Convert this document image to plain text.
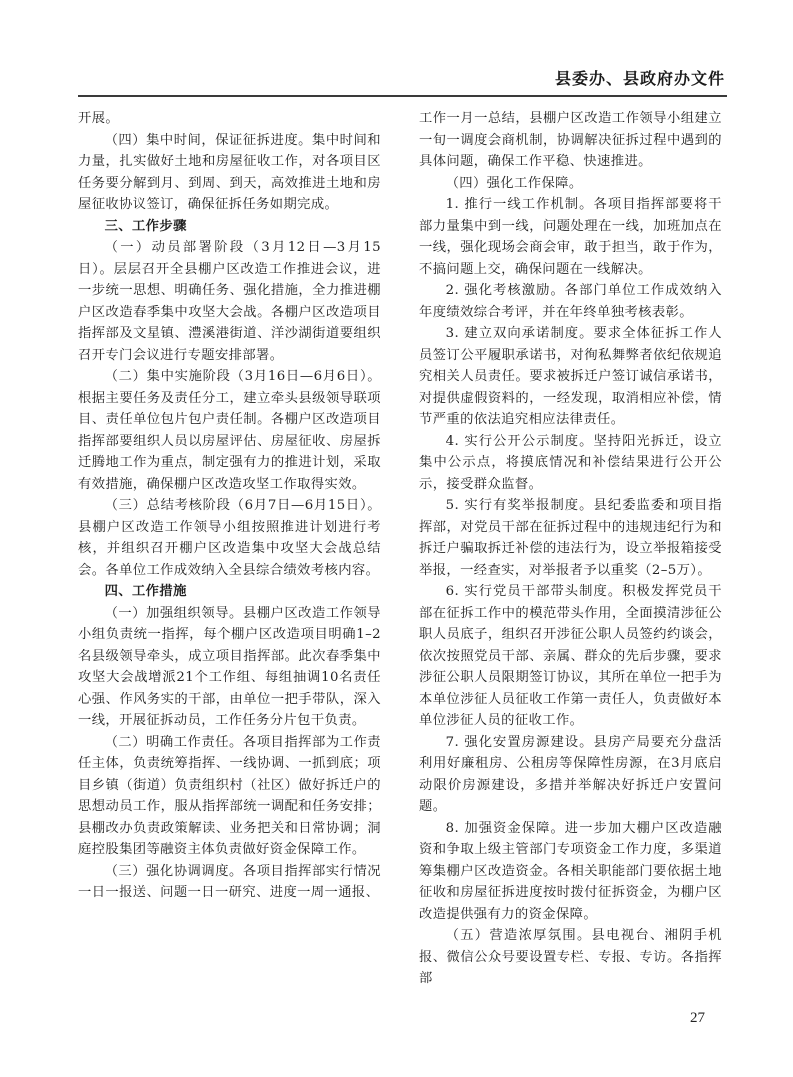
县委办、县政府办文件

开展。

（四）集中时间，保证征拆进度。集中时间和力量，扎实做好土地和房屋征收工作，对各项目区任务要分解到月、到周、到天，高效推进土地和房屋征收协议签订，确保征拆任务如期完成。

三、工作步骤

（一）动员部署阶段（3月12日—3月15日）。层层召开全县棚户区改造工作推进会议，进一步统一思想、明确任务、强化措施，全力推进棚户区改造春季集中攻坚大会战。各棚户区改造项目指挥部及文星镇、澧溪港街道、洋沙湖街道要组织召开专门会议进行专题安排部署。

（二）集中实施阶段（3月16日—6月6日）。根据主要任务及责任分工，建立牵头县级领导联项目、责任单位包片包户责任制。各棚户区改造项目指挥部要组织人员以房屋评估、房屋征收、房屋拆迁腾地工作为重点，制定强有力的推进计划，采取有效措施，确保棚户区改造攻坚工作取得实效。

（三）总结考核阶段（6月7日—6月15日）。县棚户区改造工作领导小组按照推进计划进行考核，并组织召开棚户区改造集中攻坚大会战总结会。各单位工作成效纳入全县综合绩效考核内容。

四、工作措施

（一）加强组织领导。县棚户区改造工作领导小组负责统一指挥，每个棚户区改造项目明确1–2名县级领导牵头，成立项目指挥部。此次春季集中攻坚大会战增派21个工作组、每组抽调10名责任心强、作风务实的干部，由单位一把手带队，深入一线，开展征拆动员，工作任务分片包干负责。

（二）明确工作责任。各项目指挥部为工作责任主体，负责统筹指挥、一线协调、一抓到底；项目乡镇（街道）负责组织村（社区）做好拆迁户的思想动员工作，服从指挥部统一调配和任务安排；县棚改办负责政策解读、业务把关和日常协调；洞庭控股集团等融资主体负责做好资金保障工作。

（三）强化协调调度。各项目指挥部实行情况一日一报送、问题一日一研究、进度一周一通报、

工作一月一总结，县棚户区改造工作领导小组建立一旬一调度会商机制，协调解决征拆过程中遇到的具体问题，确保工作平稳、快速推进。

（四）强化工作保障。

1. 推行一线工作机制。各项目指挥部要将干部力量集中到一线，问题处理在一线，加班加点在一线，强化现场会商会审，敢于担当，敢于作为，不搞问题上交，确保问题在一线解决。

2. 强化考核激励。各部门单位工作成效纳入年度绩效综合考评，并在年终单独考核表彰。

3. 建立双向承诺制度。要求全体征拆工作人员签订公平履职承诺书，对徇私舞弊者依纪依规追究相关人员责任。要求被拆迁户签订诚信承诺书，对提供虚假资料的，一经发现，取消相应补偿，情节严重的依法追究相应法律责任。

4. 实行公开公示制度。坚持阳光拆迁，设立集中公示点，将摸底情况和补偿结果进行公开公示，接受群众监督。

5. 实行有奖举报制度。县纪委监委和项目指挥部，对党员干部在征拆过程中的违规违纪行为和拆迁户骗取拆迁补偿的违法行为，设立举报箱接受举报，一经查实，对举报者予以重奖（2–5万）。

6. 实行党员干部带头制度。积极发挥党员干部在征拆工作中的模范带头作用，全面摸清涉征公职人员底子，组织召开涉征公职人员签约约谈会，依次按照党员干部、亲属、群众的先后步骤，要求涉征公职人员限期签订协议，其所在单位一把手为本单位涉征人员征收工作第一责任人，负责做好本单位涉征人员的征收工作。

7. 强化安置房源建设。县房产局要充分盘活利用好廉租房、公租房等保障性房源，在3月底启动限价房源建设，多措并举解决好拆迁户安置问题。

8. 加强资金保障。进一步加大棚户区改造融资和争取上级主管部门专项资金工作力度，多渠道筹集棚户区改造资金。各相关职能部门要依据土地征收和房屋征拆进度按时拨付征拆资金，为棚户区改造提供强有力的资金保障。

（五）营造浓厚氛围。县电视台、湘阴手机报、微信公众号要设置专栏、专报、专访。各指挥部

27
